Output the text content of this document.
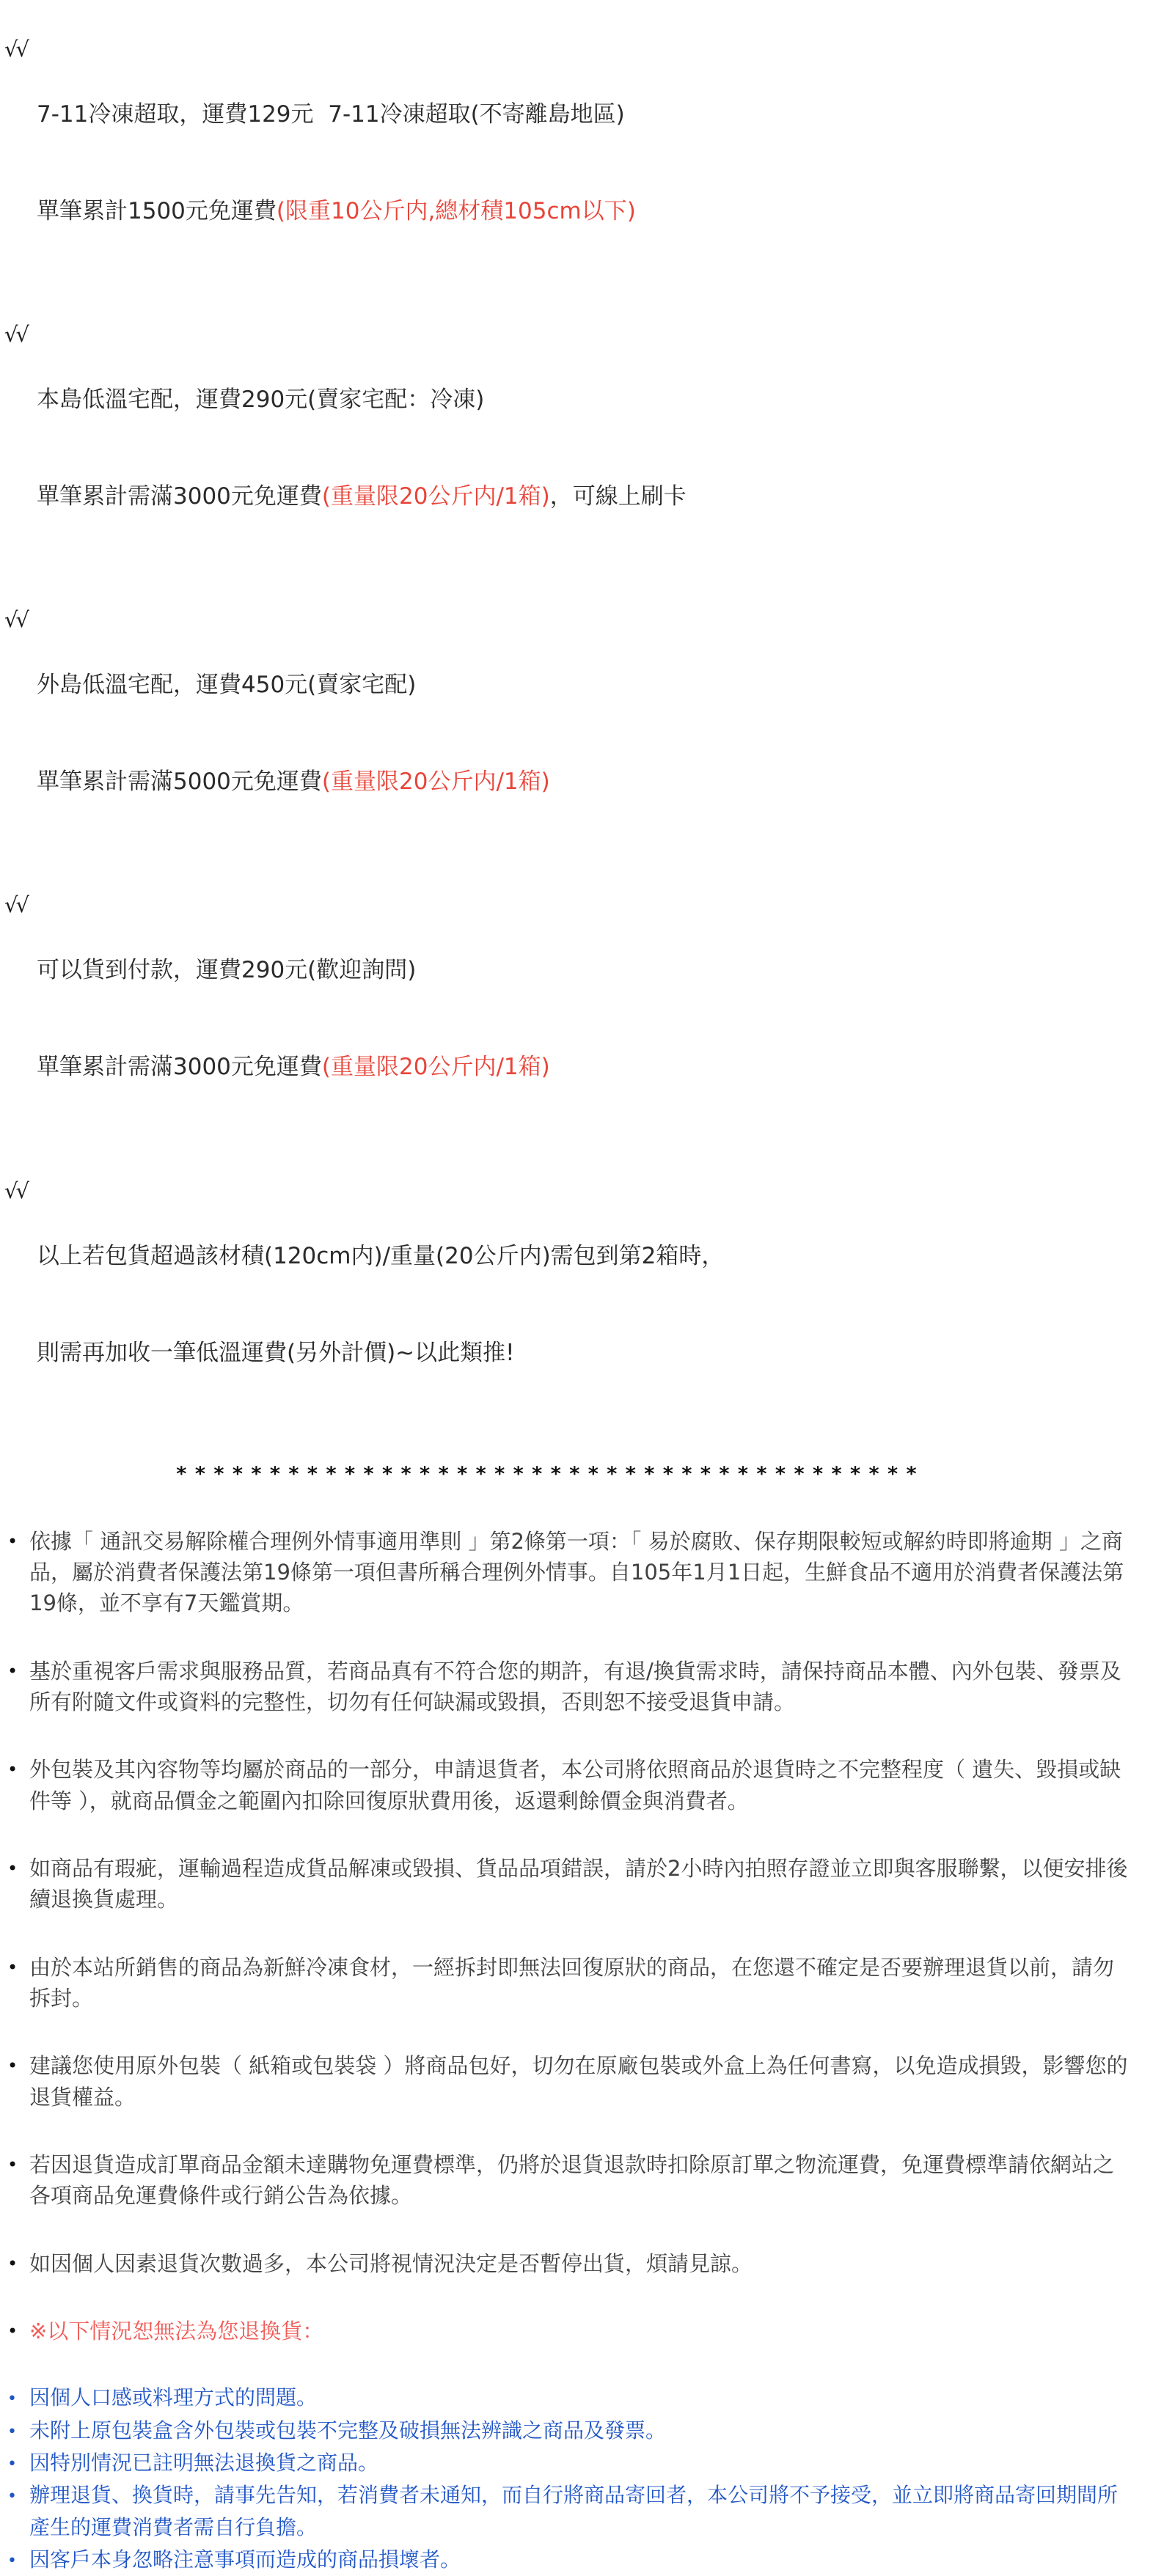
√√

7-11冷凍超取，運費129元  7-11冷凍超取(不寄離島地區)

單筆累計1500元免運費(限重10公斤内,總材積105cm以下)

√√

本島低溫宅配，運費290元(賣家宅配：冷凍)

單筆累計需滿3000元免運費(重量限20公斤内/1箱)，可線上刷卡

√√

外島低溫宅配，運費450元(賣家宅配)

單筆累計需滿5000元免運費(重量限20公斤内/1箱)

√√

可以貨到付款，運費290元(歡迎詢問)

單筆累計需滿3000元免運費(重量限20公斤内/1箱)

√√

以上若包貨超過該材積(120cm内)/重量(20公斤内)需包到第2箱時，

則需再加收一筆低溫運費(另外計價)~以此類推!

* * * * * * * * * * * * * * * * * * * * * * * * * * * * * * * * * * * * * * * *
• 依據「 通訊交易解除權合理例外情事適用準則 」第2條第一項：「 易於腐敗、保存期限較短或解約時即將逾期 」之商品，屬於消費者保護法第19條第一項但書所稱合理例外情事。自105年1月1日起，生鮮食品不適用於消費者保護法第19條，並不享有7天鑑賞期。

• 基於重視客戶需求與服務品質，若商品真有不符合您的期許，有退/換貨需求時，請保持商品本體、內外包裝、發票及所有附隨文件或資料的完整性，切勿有任何缺漏或毀損，否則恕不接受退貨申請。

• 外包裝及其內容物等均屬於商品的一部分，申請退貨者，本公司將依照商品於退貨時之不完整程度（ 遺失、毀損或缺件等 ），就商品價金之範圍內扣除回復原狀費用後，返還剩餘價金與消費者。

• 如商品有瑕疵，運輸過程造成貨品解凍或毀損、貨品品項錯誤，請於2小時內拍照存證並立即與客服聯繫，以便安排後續退換貨處理。

• 由於本站所銷售的商品為新鮮冷凍食材，一經拆封即無法回復原狀的商品，在您還不確定是否要辦理退貨以前，請勿拆封。

• 建議您使用原外包裝（ 紙箱或包裝袋 ）將商品包好，切勿在原廠包裝或外盒上為任何書寫，以免造成損毀，影響您的退貨權益。

• 若因退貨造成訂單商品金額未達購物免運費標準，仍將於退貨退款時扣除原訂單之物流運費，免運費標準請依網站之各項商品免運費條件或行銷公告為依據。

• 如因個人因素退貨次數過多，本公司將視情況決定是否暫停出貨，煩請見諒。

• ※以下情況恕無法為您退換貨：

• 因個人口感或料理方式的問題。

• 未附上原包裝盒含外包裝或包裝不完整及破損無法辨識之商品及發票。

• 因特別情況已註明無法退換貨之商品。

• 辦理退貨、換貨時，請事先告知，若消費者未通知，而自行將商品寄回者，本公司將不予接受，並立即將商品寄回期間所產生的運費消費者需自行負擔。

• 因客戶本身忽略注意事項而造成的商品損壞者。
